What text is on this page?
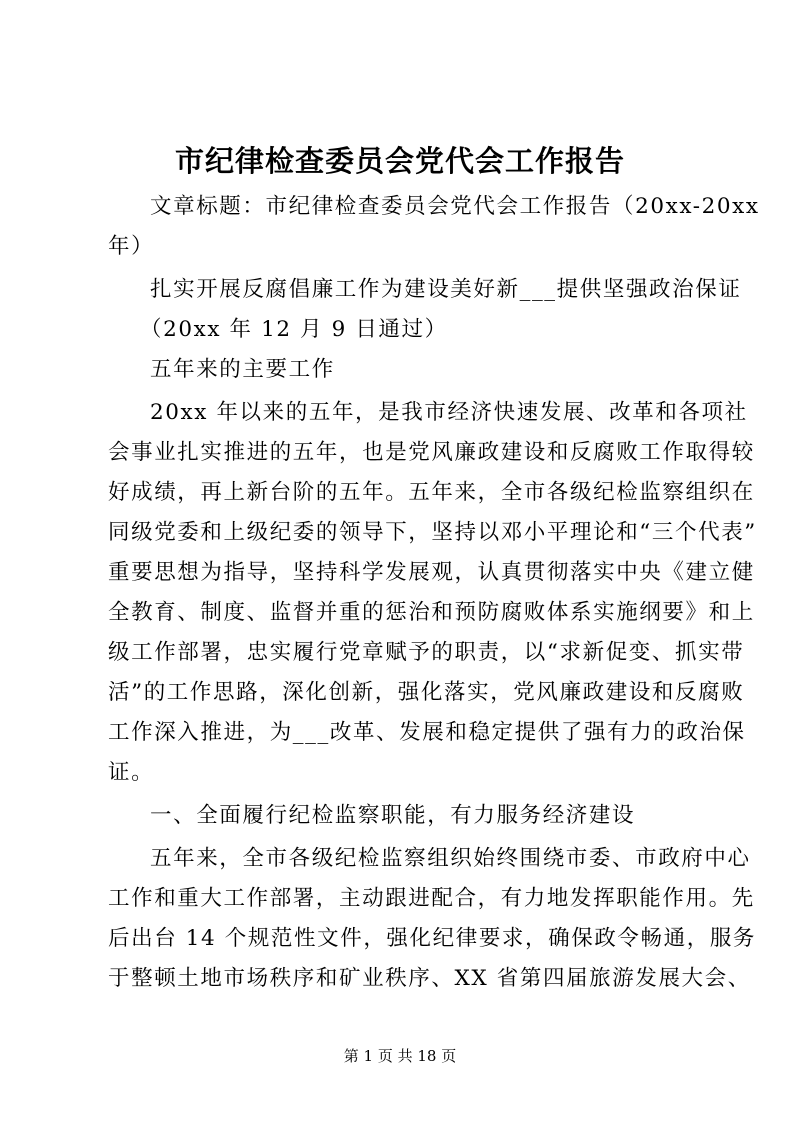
市纪律检查委员会党代会工作报告
文章标题：市纪律检查委员会党代会工作报告（20xx-20xx
年）
扎实开展反腐倡廉工作为建设美好新___提供坚强政治保证
（20xx 年 12 月 9 日通过）
五年来的主要工作
20xx 年以来的五年，是我市经济快速发展、改革和各项社
会事业扎实推进的五年，也是党风廉政建设和反腐败工作取得较
好成绩，再上新台阶的五年。五年来，全市各级纪检监察组织在
同级党委和上级纪委的领导下，坚持以邓小平理论和“三个代表”
重要思想为指导，坚持科学发展观，认真贯彻落实中央《建立健
全教育、制度、监督并重的惩治和预防腐败体系实施纲要》和上
级工作部署，忠实履行党章赋予的职责，以“求新促变、抓实带
活”的工作思路，深化创新，强化落实，党风廉政建设和反腐败
工作深入推进，为___改革、发展和稳定提供了强有力的政治保
证。
一、全面履行纪检监察职能，有力服务经济建设
五年来，全市各级纪检监察组织始终围绕市委、市政府中心
工作和重大工作部署，主动跟进配合，有力地发挥职能作用。先
后出台 14 个规范性文件，强化纪律要求，确保政令畅通，服务
于整顿土地市场秩序和矿业秩序、XX 省第四届旅游发展大会、
第 1 页 共 18 页
